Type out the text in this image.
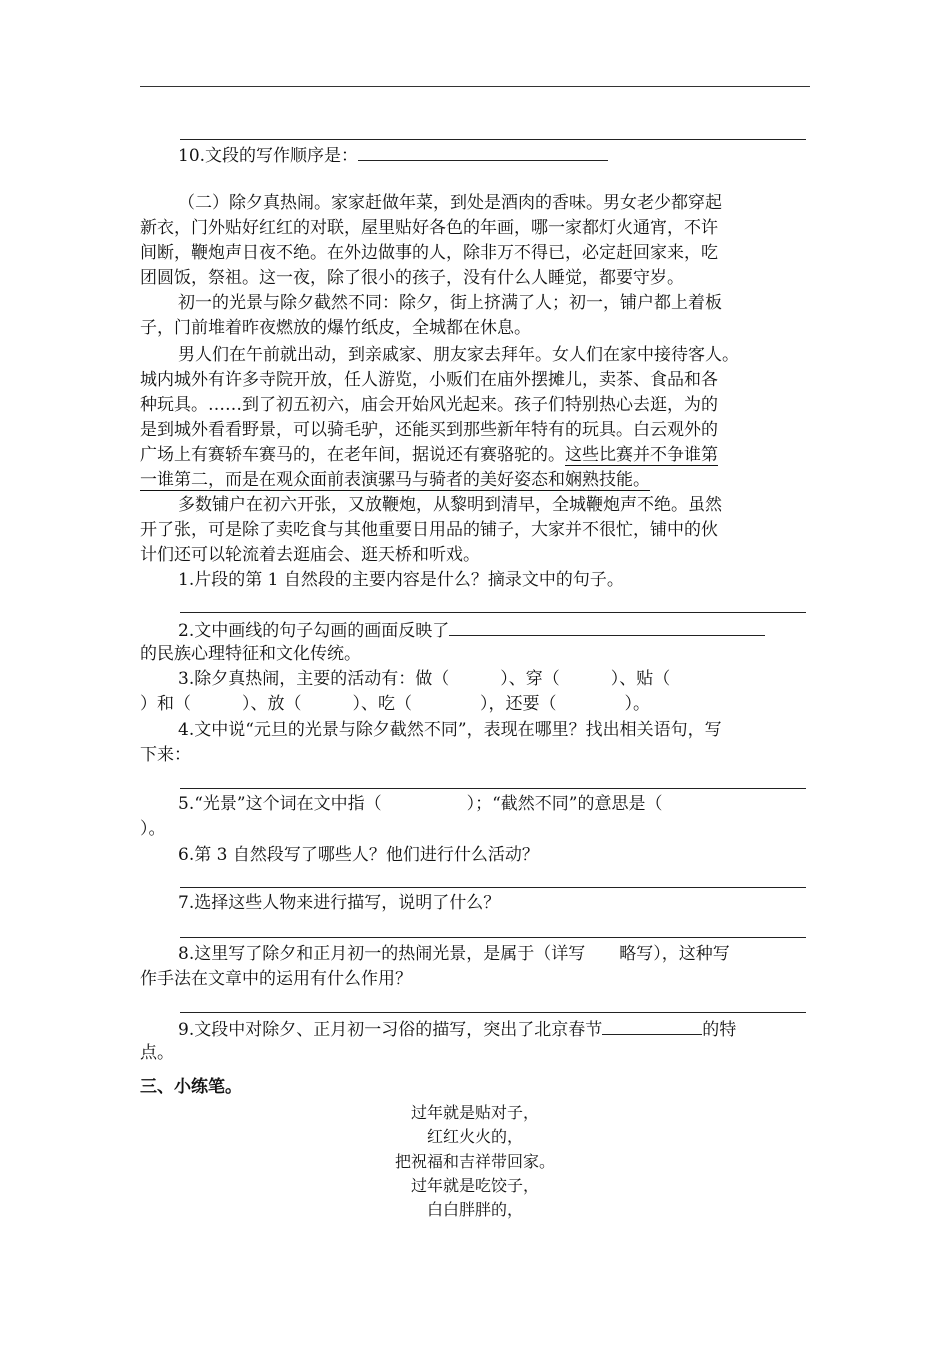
10.文段的写作顺序是：
（二）除夕真热闹。家家赶做年菜，到处是酒肉的香味。男女老少都穿起
新衣，门外贴好红红的对联，屋里贴好各色的年画，哪一家都灯火通宵，不许
间断，鞭炮声日夜不绝。在外边做事的人，除非万不得已，必定赶回家来，吃
团圆饭，祭祖。这一夜，除了很小的孩子，没有什么人睡觉，都要守岁。
初一的光景与除夕截然不同：除夕，街上挤满了人；初一，铺户都上着板
子，门前堆着昨夜燃放的爆竹纸皮，全城都在休息。
男人们在午前就出动，到亲戚家、朋友家去拜年。女人们在家中接待客人。
城内城外有许多寺院开放，任人游览，小贩们在庙外摆摊儿，卖茶、食品和各
种玩具。……到了初五初六，庙会开始风光起来。孩子们特别热心去逛，为的
是到城外看看野景，可以骑毛驴，还能买到那些新年特有的玩具。白云观外的
广场上有赛轿车赛马的，在老年间，据说还有赛骆驼的。这些比赛并不争谁第
一谁第二，而是在观众面前表演骡马与骑者的美好姿态和娴熟技能。
多数铺户在初六开张，又放鞭炮，从黎明到清早，全城鞭炮声不绝。虽然
开了张，可是除了卖吃食与其他重要日用品的铺子，大家并不很忙，铺中的伙
计们还可以轮流着去逛庙会、逛天桥和听戏。
1.片段的第 1 自然段的主要内容是什么？摘录文中的句子。
2.文中画线的句子勾画的画面反映了
的民族心理特征和文化传统。
3.除夕真热闹，主要的活动有：做（　　　）、穿（　　　）、贴（
）和（　　　）、放（　　　）、吃（　　　　），还要（　　　　）。
4.文中说“元旦的光景与除夕截然不同”，表现在哪里？找出相关语句，写
下来：
5.“光景”这个词在文中指（　　　　　）；“截然不同”的意思是（
）。
6.第 3 自然段写了哪些人？他们进行什么活动？
7.选择这些人物来进行描写，说明了什么？
8.这里写了除夕和正月初一的热闹光景，是属于（详写　　略写），这种写
作手法在文章中的运用有什么作用？
9.文段中对除夕、正月初一习俗的描写，突出了北京春节	的特
点。
三、小练笔。
过年就是贴对子，
红红火火的，
把祝福和吉祥带回家。
过年就是吃饺子，
白白胖胖的，
